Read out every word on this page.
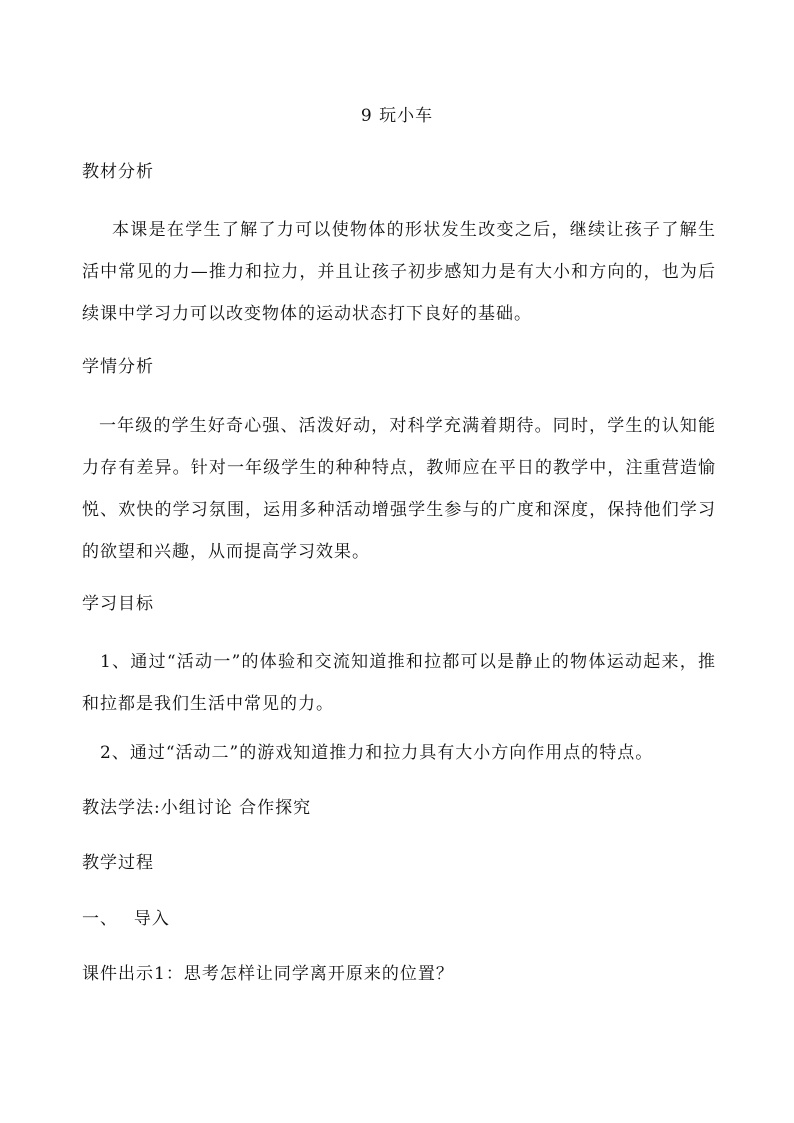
9 玩小车
教材分析
本课是在学生了解了力可以使物体的形状发生改变之后，继续让孩子了解生活中常见的力—推力和拉力，并且让孩子初步感知力是有大小和方向的，也为后续课中学习力可以改变物体的运动状态打下良好的基础。
学情分析
一年级的学生好奇心强、活泼好动，对科学充满着期待。同时，学生的认知能力存有差异。针对一年级学生的种种特点，教师应在平日的教学中，注重营造愉悦、欢快的学习氛围，运用多种活动增强学生参与的广度和深度，保持他们学习的欲望和兴趣，从而提高学习效果。
学习目标
1、通过“活动一”的体验和交流知道推和拉都可以是静止的物体运动起来，推和拉都是我们生活中常见的力。
2、通过“活动二”的游戏知道推力和拉力具有大小方向作用点的特点。
教法学法:小组讨论 合作探究
教学过程
一、　 导入
课件出示1：思考怎样让同学离开原来的位置？
